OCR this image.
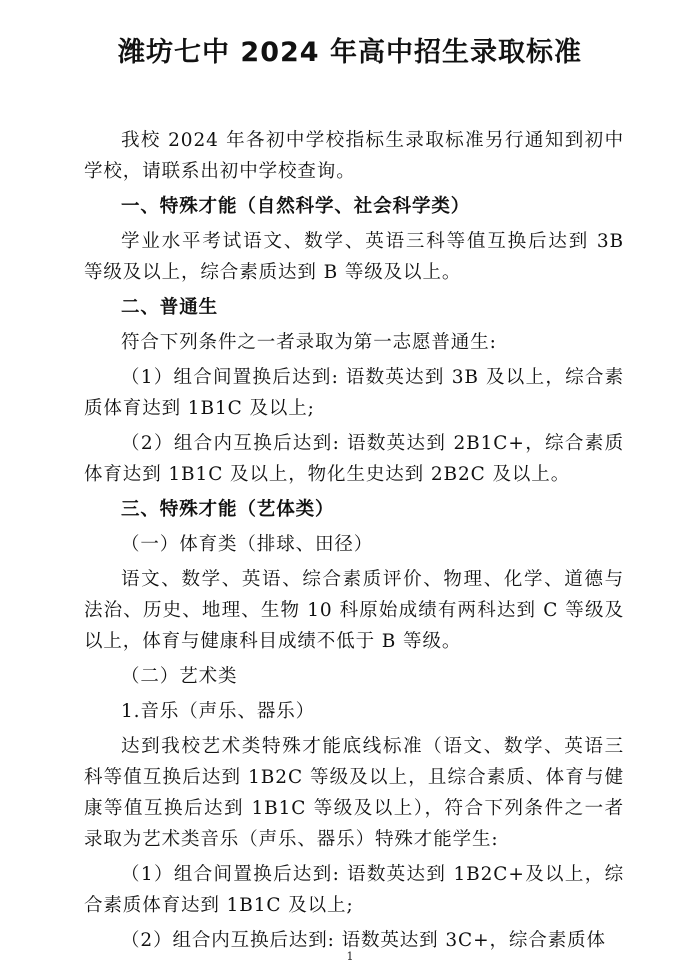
潍坊七中 2024 年高中招生录取标准

我校 2024 年各初中学校指标生录取标准另行通知到初中学校，请联系出初中学校查询。

一、特殊才能（自然科学、社会科学类）

学业水平考试语文、数学、英语三科等值互换后达到 3B 等级及以上，综合素质达到 B 等级及以上。

二、普通生

符合下列条件之一者录取为第一志愿普通生:

（1）组合间置换后达到: 语数英达到 3B 及以上，综合素质体育达到 1B1C 及以上;

（2）组合内互换后达到: 语数英达到 2B1C+，综合素质体育达到 1B1C 及以上，物化生史达到 2B2C 及以上。

三、特殊才能（艺体类）

（一）体育类（排球、田径）

语文、数学、英语、综合素质评价、物理、化学、道德与法治、历史、地理、生物 10 科原始成绩有两科达到 C 等级及以上，体育与健康科目成绩不低于 B 等级。

（二）艺术类

1.音乐（声乐、器乐）

达到我校艺术类特殊才能底线标准（语文、数学、英语三科等值互换后达到 1B2C 等级及以上，且综合素质、体育与健康等值互换后达到 1B1C 等级及以上），符合下列条件之一者录取为艺术类音乐（声乐、器乐）特殊才能学生:

（1）组合间置换后达到: 语数英达到 1B2C+及以上，综合素质体育达到 1B1C 及以上;

（2）组合内互换后达到: 语数英达到 3C+，综合素质体

1
